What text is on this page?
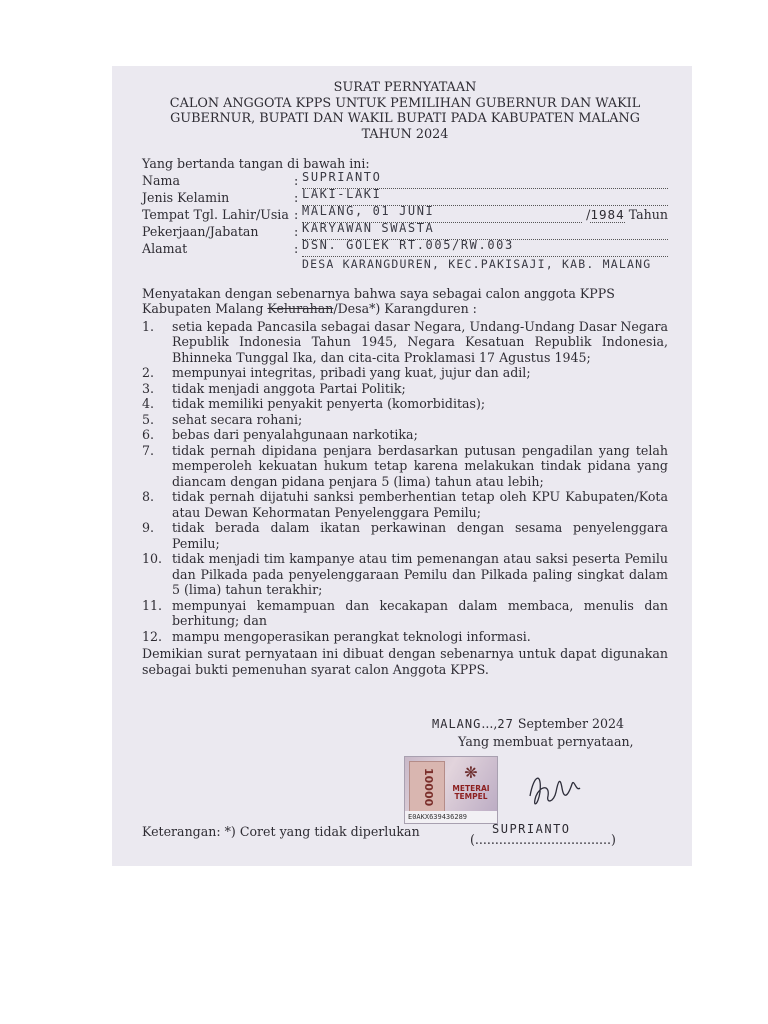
SURAT PERNYATAAN
CALON ANGGOTA KPPS UNTUK PEMILIHAN GUBERNUR DAN WAKIL
GUBERNUR, BUPATI DAN WAKIL BUPATI PADA KABUPATEN MALANG
TAHUN 2024
Yang bertanda tangan di bawah ini:
Nama	: SUPRIANTO
Jenis Kelamin	: LAKI-LAKI
Tempat Tgl. Lahir/Usia : MALANG, 01 JUNI	/1984 Tahun
Pekerjaan/Jabatan	: KARYAWAN SWASTA
Alamat	: DSN. GOLEK RT.005/RW.003
DESA KARANGDUREN, KEC.PAKISAJI, KAB. MALANG
Menyatakan dengan sebenarnya bahwa saya sebagai calon anggota KPPS Kabupaten Malang Kelurahan/Desa*) Karangduren :
1.	setia kepada Pancasila sebagai dasar Negara, Undang-Undang Dasar Negara Republik Indonesia Tahun 1945, Negara Kesatuan Republik Indonesia, Bhinneka Tunggal Ika, dan cita-cita Proklamasi 17 Agustus 1945;
2.	mempunyai integritas, pribadi yang kuat, jujur dan adil;
3.	tidak menjadi anggota Partai Politik;
4.	tidak memiliki penyakit penyerta (komorbiditas);
5.	sehat secara rohani;
6.	bebas dari penyalahgunaan narkotika;
7.	tidak pernah dipidana penjara berdasarkan putusan pengadilan yang telah memperoleh kekuatan hukum tetap karena melakukan tindak pidana yang diancam dengan pidana penjara 5 (lima) tahun atau lebih;
8.	tidak pernah dijatuhi sanksi pemberhentian tetap oleh KPU Kabupaten/Kota atau Dewan Kehormatan Penyelenggara Pemilu;
9.	tidak berada dalam ikatan perkawinan dengan sesama penyelenggara Pemilu;
10. tidak menjadi tim kampanye atau tim pemenangan atau saksi peserta Pemilu dan Pilkada pada penyelenggaraan Pemilu dan Pilkada paling singkat dalam 5 (lima) tahun terakhir;
11. mempunyai kemampuan dan kecakapan dalam membaca, menulis dan berhitung; dan
12. mampu mengoperasikan perangkat teknologi informasi.
Demikian surat pernyataan ini dibuat dengan sebenarnya untuk dapat digunakan sebagai bukti pemenuhan syarat calon Anggota KPPS.
MALANG...,27 September 2024
Yang membuat pernyataan,
10000	❋
METERAI
TEMPEL
E0AKX639436289
SUPRIANTO
(..................................)
Keterangan: *) Coret yang tidak diperlukan
